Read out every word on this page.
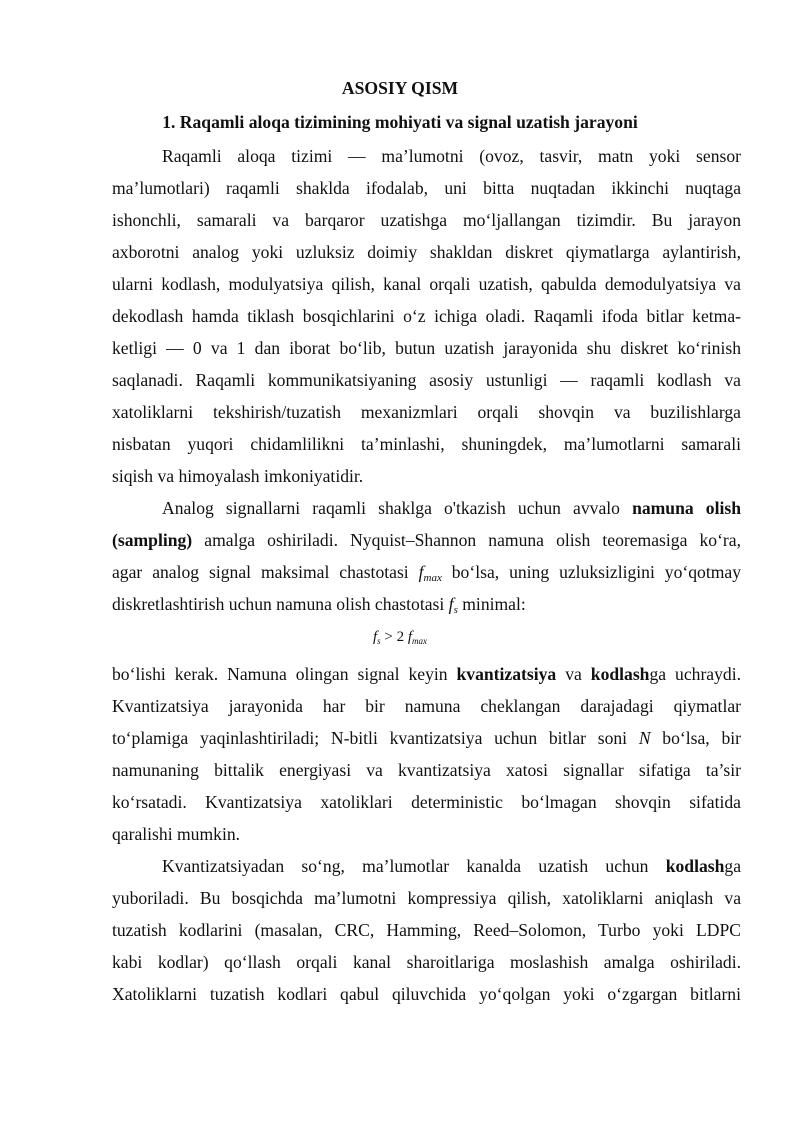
ASOSIY QISM
1. Raqamli aloqa tizimining mohiyati va signal uzatish jarayoni
Raqamli aloqa tizimi — ma’lumotni (ovoz, tasvir, matn yoki sensor
ma’lumotlari) raqamli shaklda ifodalab, uni bitta nuqtadan ikkinchi nuqtaga
ishonchli, samarali va barqaror uzatishga mo‘ljallangan tizimdir. Bu jarayon
axborotni analog yoki uzluksiz doimiy shakldan diskret qiymatlarga aylantirish,
ularni kodlash, modulyatsiya qilish, kanal orqali uzatish, qabulda demodulyatsiya va
dekodlash hamda tiklash bosqichlarini o‘z ichiga oladi. Raqamli ifoda bitlar ketma-
ketligi — 0 va 1 dan iborat bo‘lib, butun uzatish jarayonida shu diskret ko‘rinish
saqlanadi. Raqamli kommunikatsiyaning asosiy ustunligi — raqamli kodlash va
xatoliklarni tekshirish/tuzatish mexanizmlari orqali shovqin va buzilishlarga
nisbatan yuqori chidamlilikni ta’minlashi, shuningdek, ma’lumotlarni samarali
siqish va himoyalash imkoniyatidir.
Analog signallarni raqamli shaklga o'tkazish uchun avvalo namuna olish
(sampling) amalga oshiriladi. Nyquist–Shannon namuna olish teoremasiga ko‘ra,
agar analog signal maksimal chastotasi $f_{max}$ bo‘lsa, uning uzluksizligini yo‘qotmay
diskretlashtirish uchun namuna olish chastotasi $f_s$ minimal:
$f_s > 2$ $f_{max}$
bo‘lishi kerak. Namuna olingan signal keyin kvantizatsiya va kodlashga uchraydi.
Kvantizatsiya jarayonida har bir namuna cheklangan darajadagi qiymatlar
to‘plamiga yaqinlashtiriladi; N-bitli kvantizatsiya uchun bitlar soni N bo‘lsa, bir
namunaning bittalik energiyasi va kvantizatsiya xatosi signallar sifatiga ta’sir
ko‘rsatadi. Kvantizatsiya xatoliklari deterministic bo‘lmagan shovqin sifatida
qaralishi mumkin.
Kvantizatsiyadan so‘ng, ma’lumotlar kanalda uzatish uchun kodlashga
yuboriladi. Bu bosqichda ma’lumotni kompressiya qilish, xatoliklarni aniqlash va
tuzatish kodlarini (masalan, CRC, Hamming, Reed–Solomon, Turbo yoki LDPC
kabi kodlar) qo‘llash orqali kanal sharoitlariga moslashish amalga oshiriladi.
Xatoliklarni tuzatish kodlari qabul qiluvchida yo‘qolgan yoki o‘zgargan bitlarni
